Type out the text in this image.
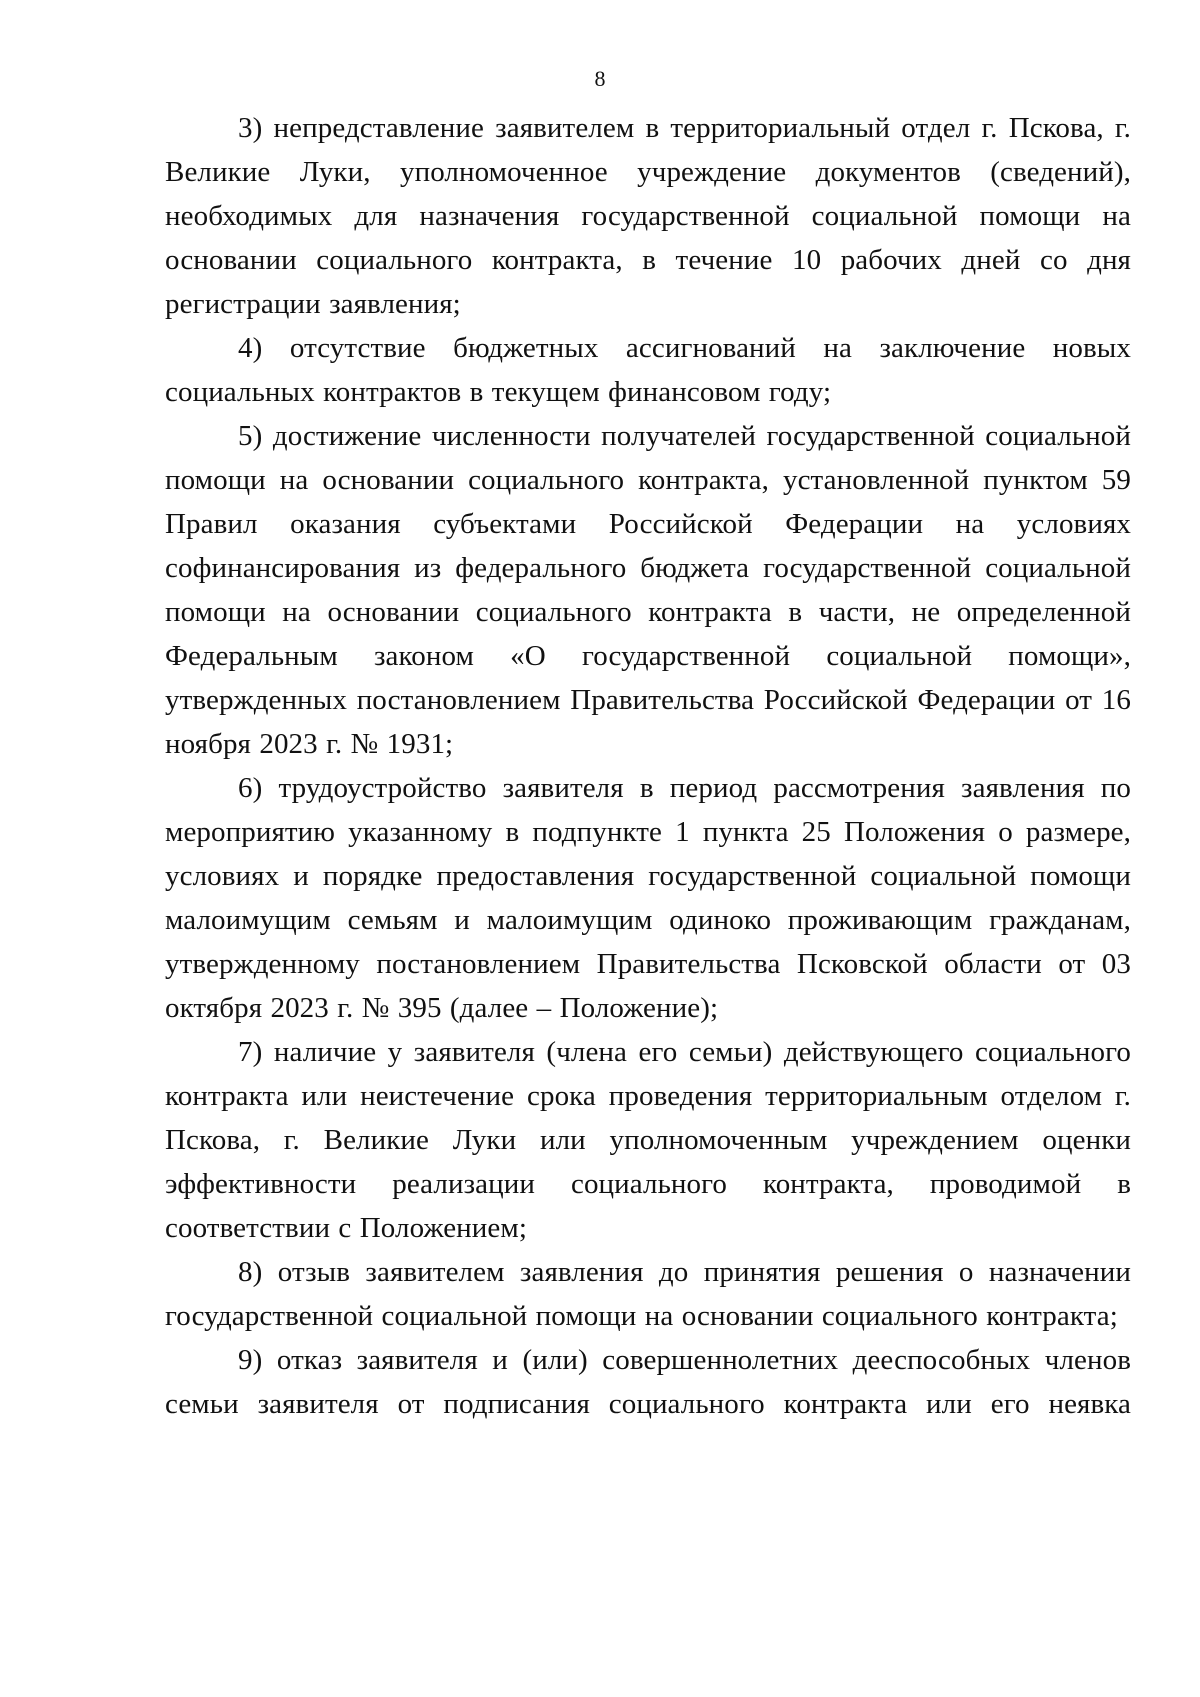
8

3) непредставление заявителем в территориальный отдел г. Пскова, г. Великие Луки, уполномоченное учреждение документов (сведений), необходимых для назначения государственной социальной помощи на основании социального контракта, в течение 10 рабочих дней со дня регистрации заявления;

4) отсутствие бюджетных ассигнований на заключение новых социальных контрактов в текущем финансовом году;

5) достижение численности получателей государственной социальной помощи на основании социального контракта, установленной пунктом 59 Правил оказания субъектами Российской Федерации на условиях софинансирования из федерального бюджета государственной социальной помощи на основании социального контракта в части, не определенной Федеральным законом «О государственной социальной помощи», утвержденных постановлением Правительства Российской Федерации от 16 ноября 2023 г. № 1931;

6) трудоустройство заявителя в период рассмотрения заявления по мероприятию указанному в подпункте 1 пункта 25 Положения о размере, условиях и порядке предоставления государственной социальной помощи малоимущим семьям и малоимущим одиноко проживающим гражданам, утвержденному постановлением Правительства Псковской области от 03 октября 2023 г. № 395 (далее – Положение);

7) наличие у заявителя (члена его семьи) действующего социального контракта или неистечение срока проведения территориальным отделом г. Пскова, г. Великие Луки или уполномоченным учреждением оценки эффективности реализации социального контракта, проводимой в соответствии с Положением;

8) отзыв заявителем заявления до принятия решения о назначении государственной социальной помощи на основании социального контракта;

9) отказ заявителя и (или) совершеннолетних дееспособных членов семьи заявителя от подписания социального контракта или его неявка
